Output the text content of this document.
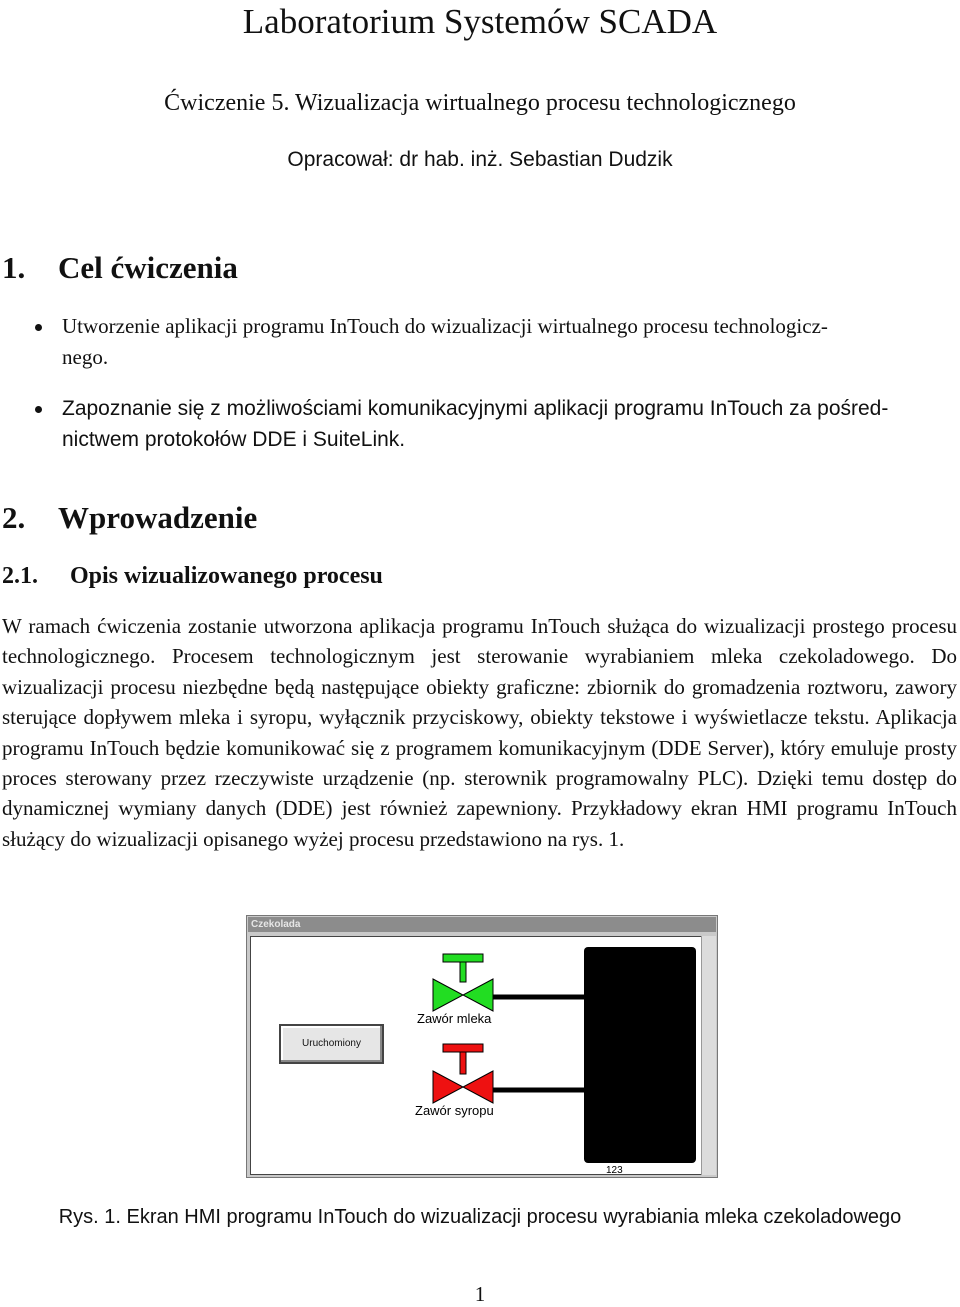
Laboratorium Systemów SCADA
Ćwiczenie 5. Wizualizacja wirtualnego procesu technologicznego
Opracował: dr hab. inż. Sebastian Dudzik
1. Cel ćwiczenia
Utworzenie aplikacji programu InTouch do wizualizacji wirtualnego procesu technologicz-
nego.
Zapoznanie się z możliwościami komunikacyjnymi aplikacji programu InTouch za pośred-
nictwem protokołów DDE i SuiteLink.
2. Wprowadzenie
2.1. Opis wizualizowanego procesu
W ramach ćwiczenia zostanie utworzona aplikacja programu InTouch służąca do wizualizacji prostego procesu technologicznego. Procesem technologicznym jest sterowanie wyrabianiem mleka czekoladowego. Do wizualizacji procesu niezbędne będą następujące obiekty graficzne: zbiornik do gromadzenia roztworu, zawory sterujące dopływem mleka i syropu, wyłącznik przyciskowy, obiekty tekstowe i wyświetlacze tekstu. Aplikacja programu InTouch będzie komunikować się z programem komunikacyjnym (DDE Server), który emuluje prosty proces sterowany przez rzeczywiste urządzenie (np. sterownik programowalny PLC). Dzięki temu dostęp do dynamicznej wymiany danych (DDE) jest również zapewniony. Przykładowy ekran HMI programu InTouch służący do wizualizacji opisanego wyżej procesu przedstawiono na rys. 1.
Czekolada
Uruchomiony
Zawór mleka
Zawór syropu
123
Rys. 1. Ekran HMI programu InTouch do wizualizacji procesu wyrabiania mleka czekoladowego
1
